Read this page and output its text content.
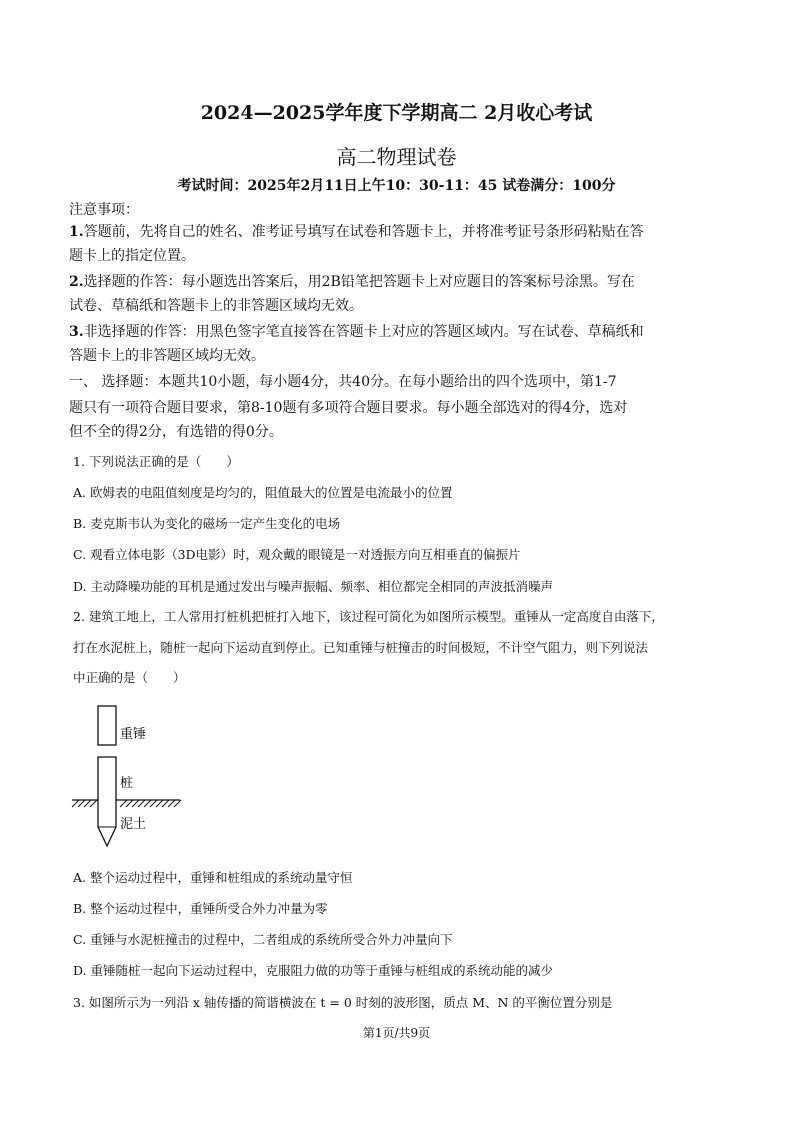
2024—2025学年度下学期高二 2月收心考试
高二物理试卷
考试时间：2025年2月11日上午10：30-11：45 试卷满分：100分
注意事项：
1.答题前，先将自己的姓名、准考证号填写在试卷和答题卡上，并将准考证号条形码粘贴在答
题卡上的指定位置。
2.选择题的作答：每小题选出答案后，用2B铅笔把答题卡上对应题目的答案标号涂黑。写在
试卷、草稿纸和答题卡上的非答题区域均无效。
3.非选择题的作答：用黑色签字笔直接答在答题卡上对应的答题区域内。写在试卷、草稿纸和
答题卡上的非答题区域均无效。
一、 选择题：本题共10小题，每小题4分，共40分。在每小题给出的四个选项中，第1-7
题只有一项符合题目要求，第8-10题有多项符合题目要求。每小题全部选对的得4分，选对
但不全的得2分，有选错的得0分。
1. 下列说法正确的是（　　）
A. 欧姆表的电阻值刻度是均匀的，阻值最大的位置是电流最小的位置
B. 麦克斯韦认为变化的磁场一定产生变化的电场
C. 观看立体电影（3D电影）时，观众戴的眼镜是一对透振方向互相垂直的偏振片
D. 主动降噪功能的耳机是通过发出与噪声振幅、频率、相位都完全相同的声波抵消噪声
2. 建筑工地上，工人常用打桩机把桩打入地下，该过程可简化为如图所示模型。重锤从一定高度自由落下，
打在水泥桩上，随桩一起向下运动直到停止。已知重锤与桩撞击的时间极短，不计空气阻力，则下列说法
中正确的是（　　）
重锤
桩
泥土
A. 整个运动过程中，重锤和桩组成的系统动量守恒
B. 整个运动过程中，重锤所受合外力冲量为零
C. 重锤与水泥桩撞击的过程中，二者组成的系统所受合外力冲量向下
D. 重锤随桩一起向下运动过程中，克服阻力做的功等于重锤与桩组成的系统动能的减少
3. 如图所示为一列沿 x 轴传播的简谐横波在 t = 0 时刻的波形图，质点 M、N 的平衡位置分别是
第1页/共9页
